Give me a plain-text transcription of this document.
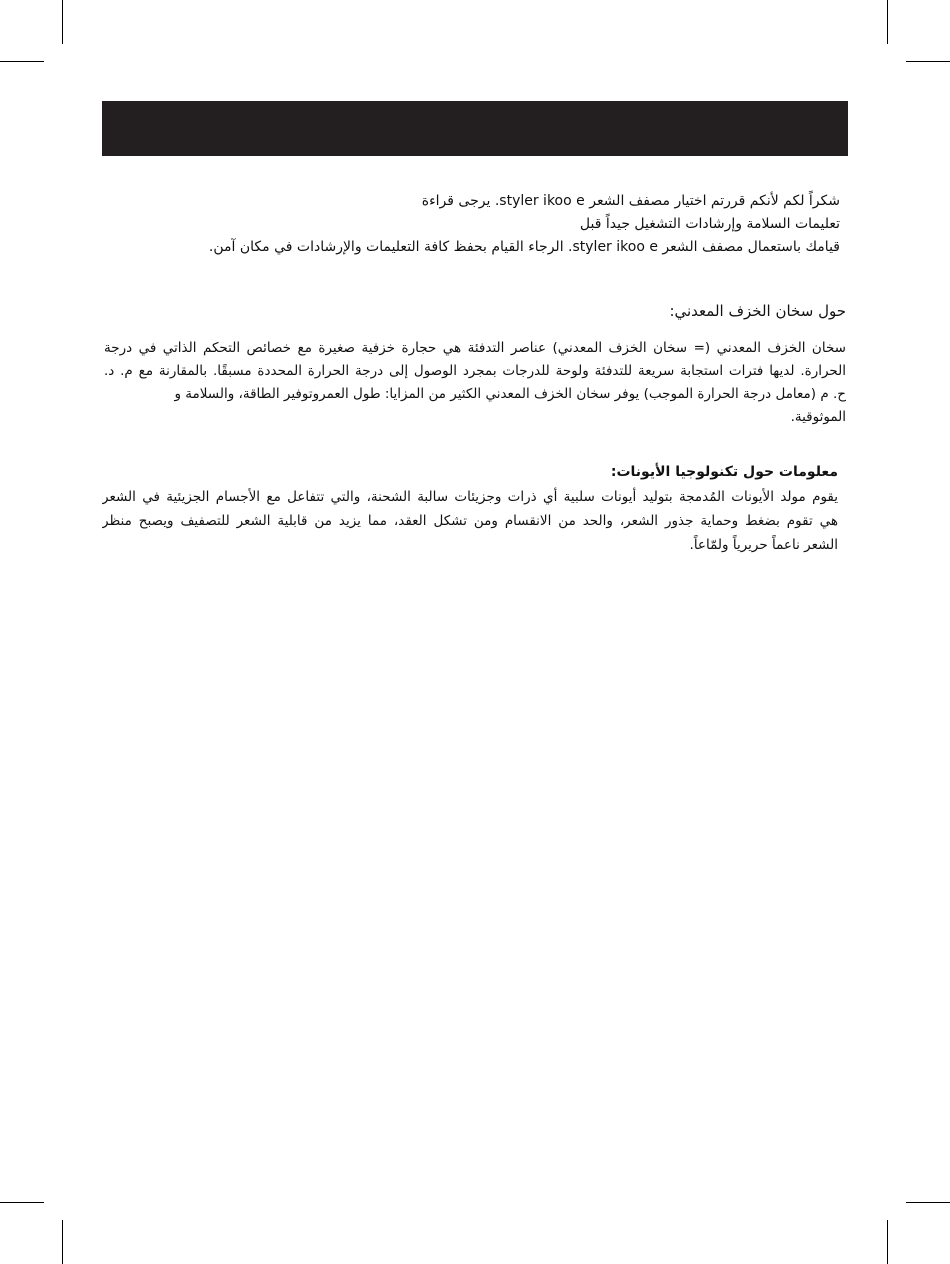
شكراً لكم لأنكم قررتم اختيار مصفف الشعر styler ikoo e. يرجى قراءة
تعليمات السلامة وإرشادات التشغيل جيداً قبل
قيامك باستعمال مصفف الشعر styler ikoo e. الرجاء القيام بحفظ كافة التعليمات والإرشادات في مكان آمن.
حول سخان الخزف المعدني:
سخان الخزف المعدني (= سخان الخزف المعدني) عناصر التدفئة هي حجارة خزفية صغيرة مع خصائص التحكم الذاتي في درجة
الحرارة. لديها فترات استجابة سريعة للتدفئة ولوحة للدرجات بمجرد الوصول إلى درجة الحرارة المحددة مسبقًا. بالمقارنة مع م. د.
ح. م (معامل درجة الحرارة الموجب) يوفر سخان الخزف المعدني الكثير من المزايا: طول العمروتوفير الطاقة، والسلامة و
الموثوقية.
معلومات حول تكنولوجيا الأيونات:
يقوم مولد الأيونات المُدمجة بتوليد أيونات سلبية أي ذرات وجزيئات سالبة الشحنة، والتي تتفاعل مع الأجسام الجزيئية في الشعر
هي تقوم بضغط وحماية جذور الشعر، والحد من الانقسام ومن تشكل العقد، مما يزيد من قابلية الشعر للتصفيف ويصبح منظر
الشعر ناعماً حريرياً ولمّاعاً.
